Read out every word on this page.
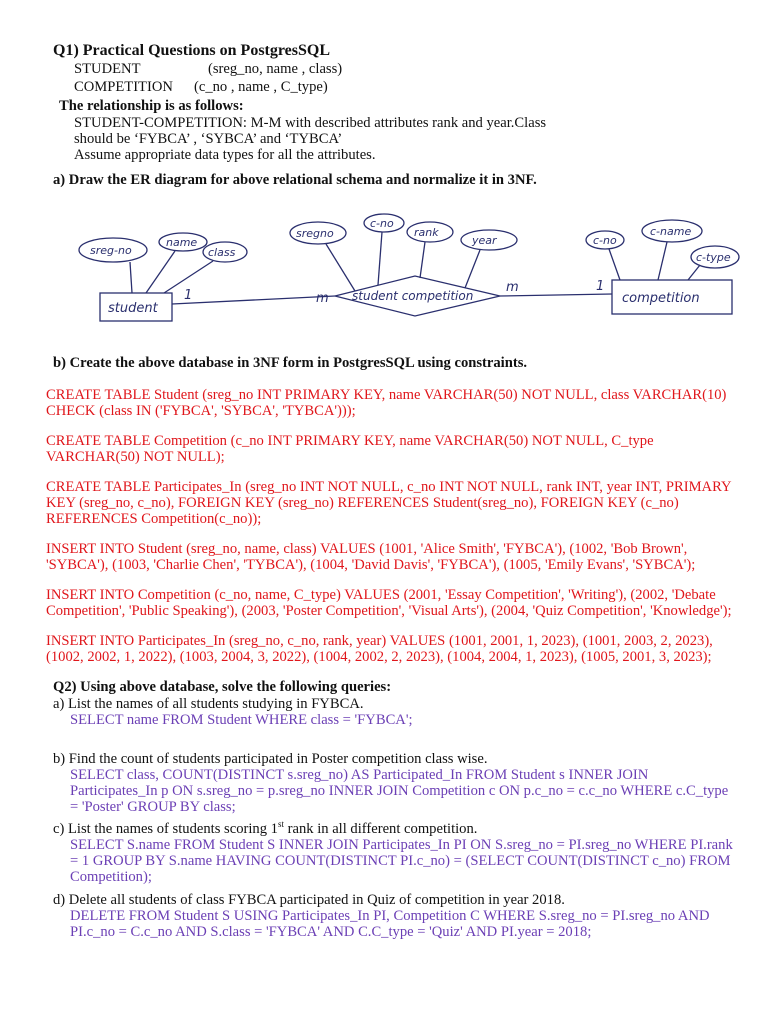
Q1) Practical Questions on PostgresSQL
STUDENT	(sreg_no, name , class)
COMPETITION (c_no , name , C_type)
The relationship is as follows:
STUDENT-COMPETITION: M-M with described attributes rank and year.Class
should be ‘FYBCA’ , ‘SYBCA’ and ‘TYBCA’
Assume appropriate data types for all the attributes.
a) Draw the ER diagram for above relational schema and normalize it in 3NF.
sreg-no
name
class
student
sregno
c-no
rank
year
student competition
c-no
c-name
c-type
competition
1	m
m	1
b) Create the above database in 3NF form in PostgresSQL using constraints.
CREATE TABLE Student (sreg_no INT PRIMARY KEY, name VARCHAR(50) NOT NULL, class VARCHAR(10)
CHECK (class IN ('FYBCA', 'SYBCA', 'TYBCA')));
CREATE TABLE Competition (c_no INT PRIMARY KEY, name VARCHAR(50) NOT NULL, C_type
VARCHAR(50) NOT NULL);
CREATE TABLE Participates_In (sreg_no INT NOT NULL, c_no INT NOT NULL, rank INT, year INT, PRIMARY
KEY (sreg_no, c_no), FOREIGN KEY (sreg_no) REFERENCES Student(sreg_no), FOREIGN KEY (c_no)
REFERENCES Competition(c_no));
INSERT INTO Student (sreg_no, name, class) VALUES (1001, 'Alice Smith', 'FYBCA'), (1002, 'Bob Brown',
'SYBCA'), (1003, 'Charlie Chen', 'TYBCA'), (1004, 'David Davis', 'FYBCA'), (1005, 'Emily Evans', 'SYBCA');
INSERT INTO Competition (c_no, name, C_type) VALUES (2001, 'Essay Competition', 'Writing'), (2002, 'Debate
Competition', 'Public Speaking'), (2003, 'Poster Competition', 'Visual Arts'), (2004, 'Quiz Competition', 'Knowledge');
INSERT INTO Participates_In (sreg_no, c_no, rank, year) VALUES (1001, 2001, 1, 2023), (1001, 2003, 2, 2023),
(1002, 2002, 1, 2022), (1003, 2004, 3, 2022), (1004, 2002, 2, 2023), (1004, 2004, 1, 2023), (1005, 2001, 3, 2023);
Q2) Using above database, solve the following queries:
a) List the names of all students studying in FYBCA.
SELECT name FROM Student WHERE class = 'FYBCA';
b) Find the count of students participated in Poster competition class wise.
SELECT class, COUNT(DISTINCT s.sreg_no) AS Participated_In FROM Student s INNER JOIN
Participates_In p ON s.sreg_no = p.sreg_no INNER JOIN Competition c ON p.c_no = c.c_no WHERE c.C_type
= 'Poster' GROUP BY class;
c) List the names of students scoring 1st rank in all different competition.
SELECT S.name FROM Student S INNER JOIN Participates_In PI ON S.sreg_no = PI.sreg_no WHERE PI.rank
= 1 GROUP BY S.name HAVING COUNT(DISTINCT PI.c_no) = (SELECT COUNT(DISTINCT c_no) FROM
Competition);
d) Delete all students of class FYBCA participated in Quiz of competition in year 2018.
DELETE FROM Student S USING Participates_In PI, Competition C WHERE S.sreg_no = PI.sreg_no AND
PI.c_no = C.c_no AND S.class = 'FYBCA' AND C.C_type = 'Quiz' AND PI.year = 2018;
